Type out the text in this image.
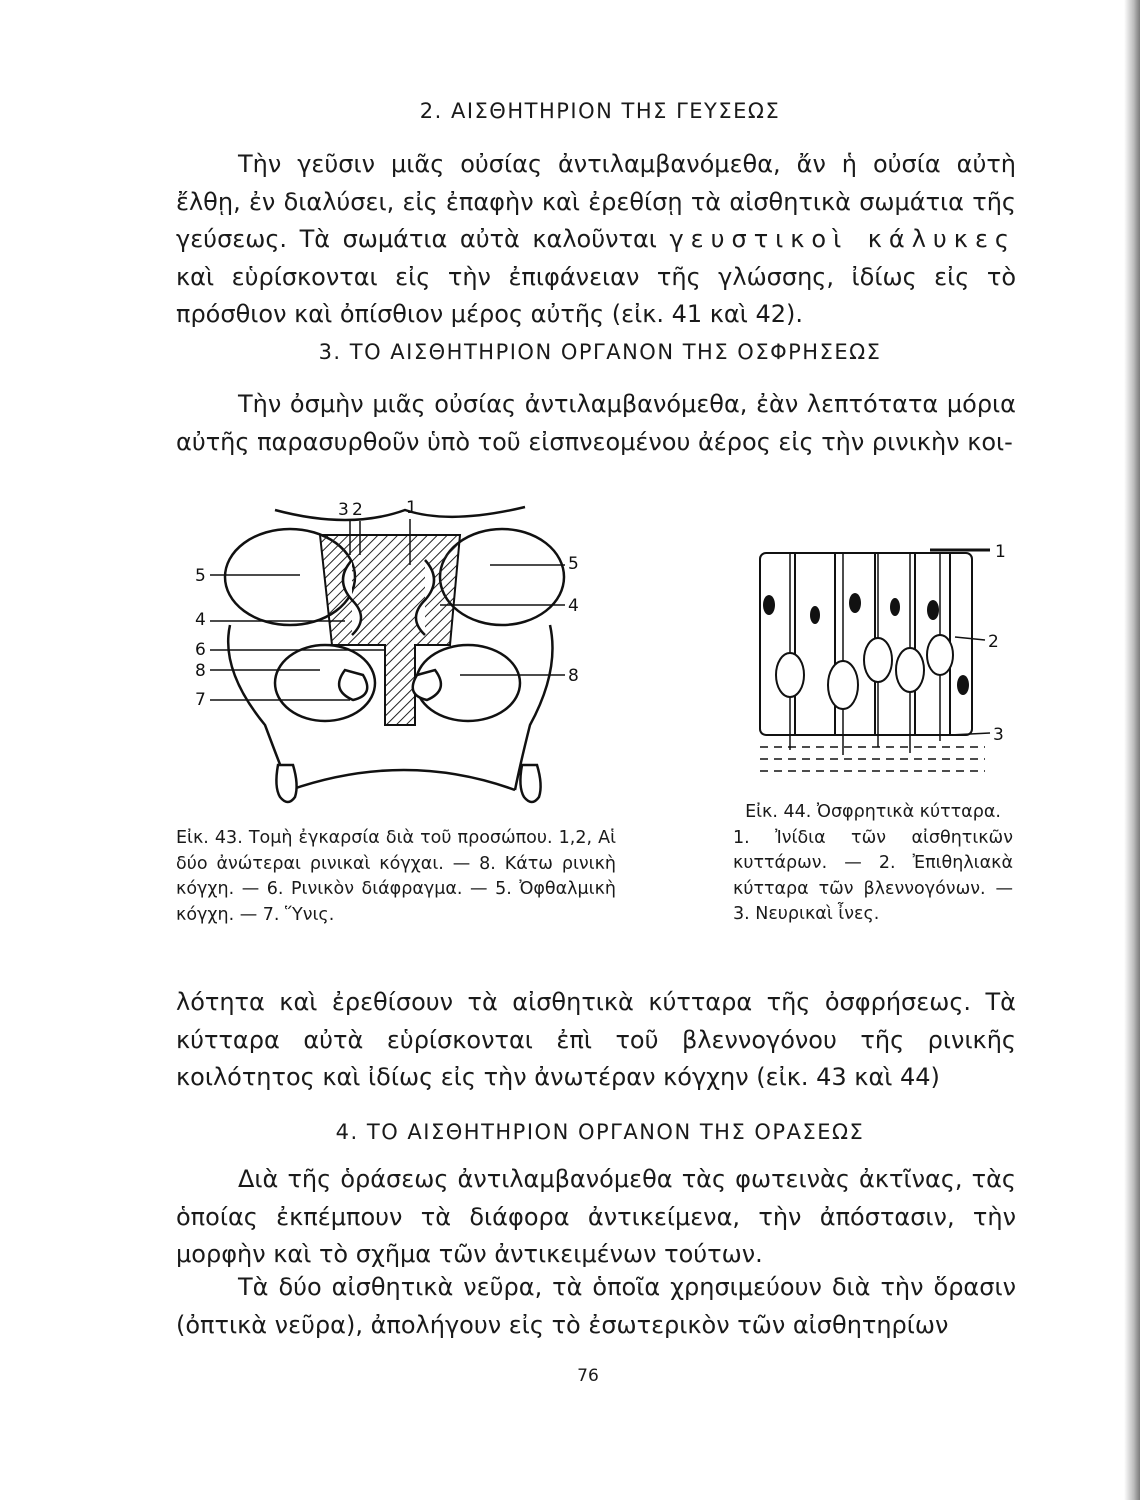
2. ΑΙΣΘΗΤΗΡΙΟΝ ΤΗΣ ΓΕΥΣΕΩΣ
Τὴν γεῦσιν μιᾶς οὐσίας ἀντιλαμβανόμεθα, ἄν ἡ οὐσία αὐτὴ ἔλθῃ, ἐν διαλύσει, εἰς ἐπαφὴν καὶ ἐρεθίσῃ τὰ αἰσθητικὰ σωμάτια τῆς γεύσεως. Τὰ σωμάτια αὐτὰ καλοῦνται γευστικοὶ κάλυκες καὶ εὑρίσκονται εἰς τὴν ἐπιφάνειαν τῆς γλώσσης, ἰδίως εἰς τὸ πρόσθιον καὶ ὀπίσθιον μέρος αὐτῆς (εἰκ. 41 καὶ 42).
3. ΤΟ ΑΙΣΘΗΤΗΡΙΟΝ ΟΡΓΑΝΟΝ ΤΗΣ ΟΣΦΡΗΣΕΩΣ
Τὴν ὀσμὴν μιᾶς οὐσίας ἀντιλαμβανόμεθα, ἐὰν λεπτότατα μόρια αὐτῆς παρασυρθοῦν ὑπὸ τοῦ εἰσπνεομένου ἀέρος εἰς τὴν ρινικὴν κοι-
3 2	1
5
4
6
8
7
5
4
8
1
2
3
Εἰκ. 44. Ὀσφρητικὰ κύτταρα.
1. Ἰνίδια τῶν αἰσθητικῶν κυττάρων. — 2. Ἐπιθηλιακὰ κύτταρα τῶν βλεννογόνων. — 3. Νευρικαὶ ἶνες.
Εἰκ. 43. Τομὴ ἐγκαρσία διὰ τοῦ προσώπου. 1,2, Αἱ δύο ἀνώτεραι ρινικαὶ κόγχαι. — 8. Κάτω ρινικὴ κόγχη. — 6. Ρινικὸν διάφραγμα. — 5. Ὀφθαλμικὴ κόγχη. — 7. Ὕνις.
λότητα καὶ ἐρεθίσουν τὰ αἰσθητικὰ κύτταρα τῆς ὀσφρήσεως. Τὰ κύτταρα αὐτὰ εὑρίσκονται ἐπὶ τοῦ βλεννογόνου τῆς ρινικῆς κοιλότητος καὶ ἰδίως εἰς τὴν ἀνωτέραν κόγχην (εἰκ. 43 καὶ 44)
4. ΤΟ ΑΙΣΘΗΤΗΡΙΟΝ ΟΡΓΑΝΟΝ ΤΗΣ ΟΡΑΣΕΩΣ
Διὰ τῆς ὁράσεως ἀντιλαμβανόμεθα τὰς φωτεινὰς ἀκτῖνας, τὰς ὁποίας ἐκπέμπουν τὰ διάφορα ἀντικείμενα, τὴν ἀπόστασιν, τὴν μορφὴν καὶ τὸ σχῆμα τῶν ἀντικειμένων τούτων.
Τὰ δύο αἰσθητικὰ νεῦρα, τὰ ὁποῖα χρησιμεύουν διὰ τὴν ὅρασιν (ὀπτικὰ νεῦρα), ἀπολήγουν εἰς τὸ ἐσωτερικὸν τῶν αἰσθητηρίων
76
